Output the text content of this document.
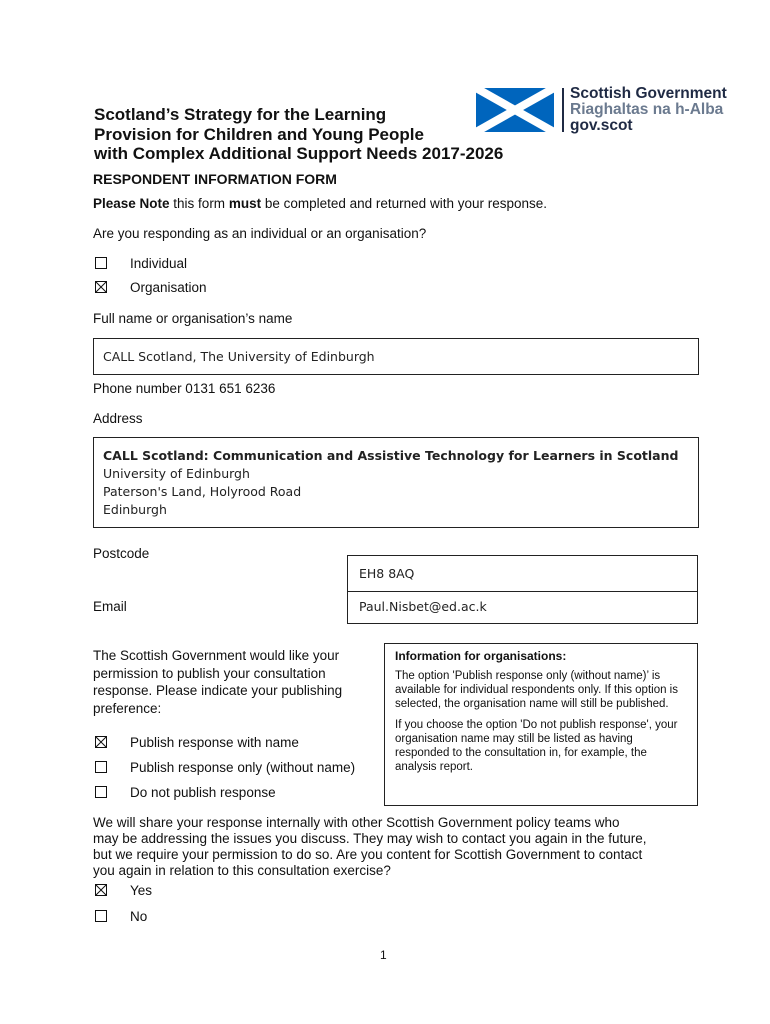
Scotland’s Strategy for the Learning
Provision for Children and Young People
with Complex Additional Support Needs 2017-2026
Scottish Government
Riaghaltas na h-Alba
gov.scot
RESPONDENT INFORMATION FORM
Please Note this form must be completed and returned with your response.
Are you responding as an individual or an organisation?
Individual
Organisation
Full name or organisation’s name
CALL Scotland, The University of Edinburgh
Phone number 0131 651 6236
Address
CALL Scotland: Communication and Assistive Technology for Learners in Scotland
University of Edinburgh
Paterson's Land, Holyrood Road
Edinburgh
Postcode
EH8 8AQ
Email	Paul.Nisbet@ed.ac.k
The Scottish Government would like your
permission to publish your consultation
response. Please indicate your publishing
preference:
Publish response with name
Publish response only (without name)
Do not publish response
Information for organisations:

The option 'Publish response only (without name)’ is available for individual respondents only. If this option is selected, the organisation name will still be published.

If you choose the option 'Do not publish response', your organisation name may still be listed as having responded to the consultation in, for example, the analysis report.

We will share your response internally with other Scottish Government policy teams who
may be addressing the issues you discuss. They may wish to contact you again in the future,
but we require your permission to do so. Are you content for Scottish Government to contact
you again in relation to this consultation exercise?
Yes
No
1
